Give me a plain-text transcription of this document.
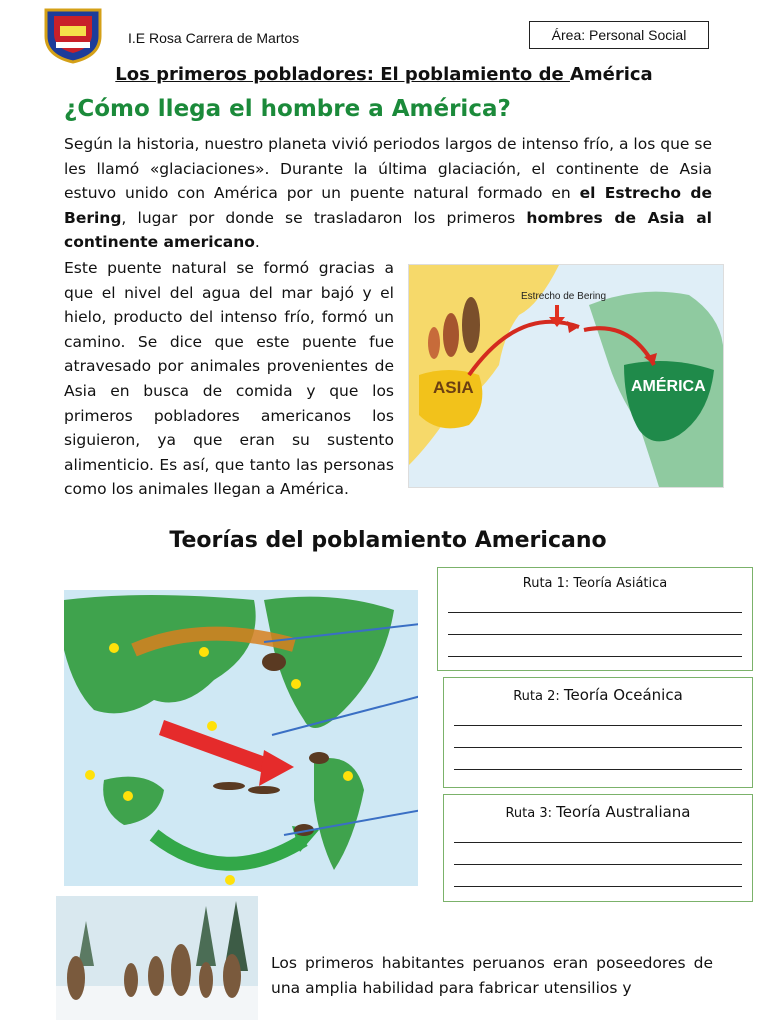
I.E Rosa Carrera de Martos	Área: Personal Social
Los primeros pobladores: El poblamiento de América
¿Cómo llega el hombre a América?
Según la historia, nuestro planeta vivió periodos largos de intenso frío, a los que se les llamó «glaciaciones». Durante la última glaciación, el continente de Asia estuvo unido con América por un puente natural formado en el Estrecho de Bering, lugar por donde se trasladaron los primeros hombres de Asia al continente americano.
Este puente natural se formó gracias a que el nivel del agua del mar bajó y el hielo, producto del intenso frío, formó un camino. Se dice que este puente fue atravesado por animales provenientes de Asia en busca de comida y que los primeros pobladores americanos los siguieron, ya que eran su sustento alimenticio. Es así, que tanto las personas como los animales llegan a América.
Estrecho de Bering
ASIA	AMÉRICA
Teorías del poblamiento Americano
Ruta 1: Teoría Asiática
Ruta 2: Teoría Oceánica
Ruta 3: Teoría Australiana
Los primeros habitantes peruanos eran poseedores de una amplia habilidad para fabricar utensilios y
